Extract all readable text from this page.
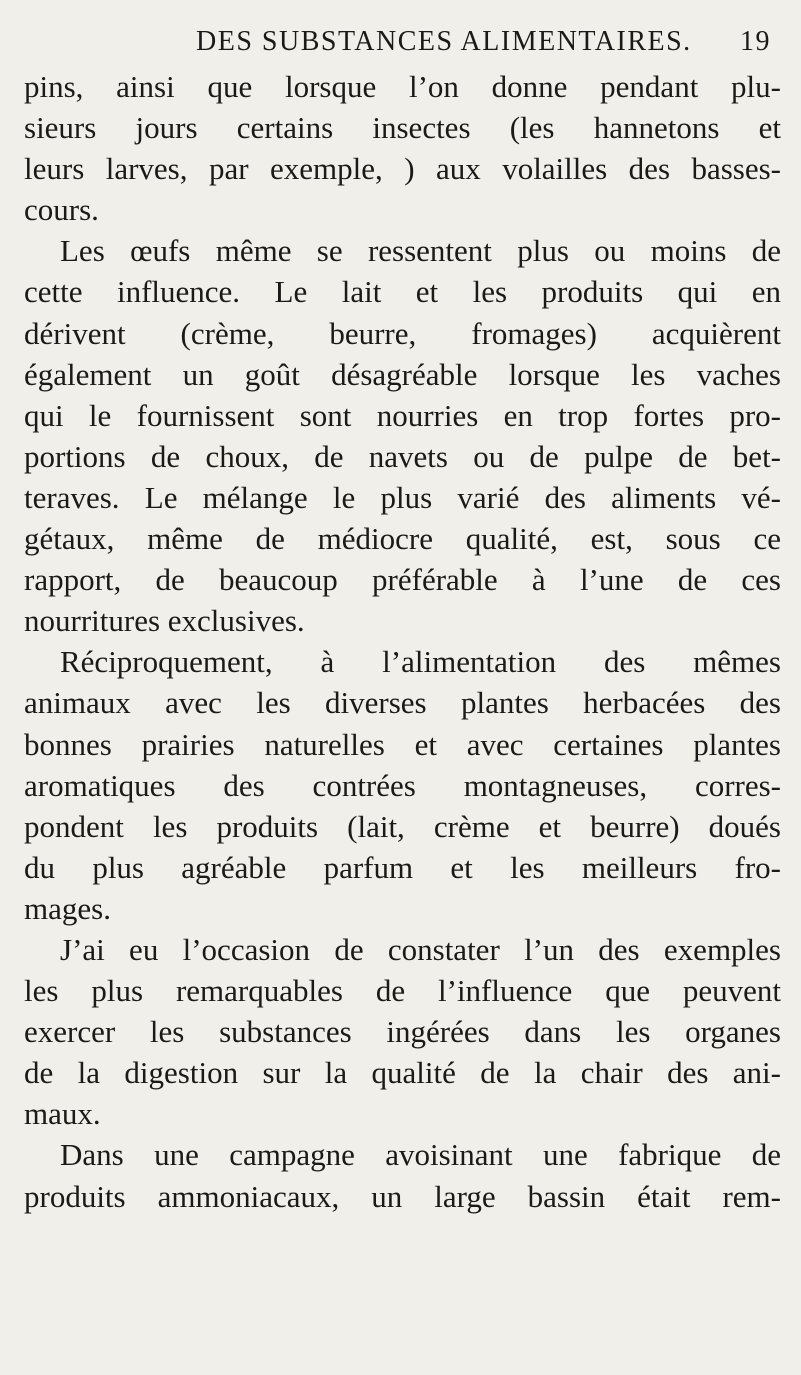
DES SUBSTANCES ALIMENTAIRES. 19
pins, ainsi que lorsque l’on donne pendant plu-
sieurs jours certains insectes (les hannetons et
leurs larves, par exemple, ) aux volailles des basses-
cours.
Les œufs même se ressentent plus ou moins de
cette influence. Le lait et les produits qui en
dérivent (crème, beurre, fromages) acquièrent
également un goût désagréable lorsque les vaches
qui le fournissent sont nourries en trop fortes pro-
portions de choux, de navets ou de pulpe de bet-
teraves. Le mélange le plus varié des aliments vé-
gétaux, même de médiocre qualité, est, sous ce
rapport, de beaucoup préférable à l’une de ces
nourritures exclusives.
Réciproquement, à l’alimentation des mêmes
animaux avec les diverses plantes herbacées des
bonnes prairies naturelles et avec certaines plantes
aromatiques des contrées montagneuses, corres-
pondent les produits (lait, crème et beurre) doués
du plus agréable parfum et les meilleurs fro-
mages.
J’ai eu l’occasion de constater l’un des exemples
les plus remarquables de l’influence que peuvent
exercer les substances ingérées dans les organes
de la digestion sur la qualité de la chair des ani-
maux.
Dans une campagne avoisinant une fabrique de
produits ammoniacaux, un large bassin était rem-
